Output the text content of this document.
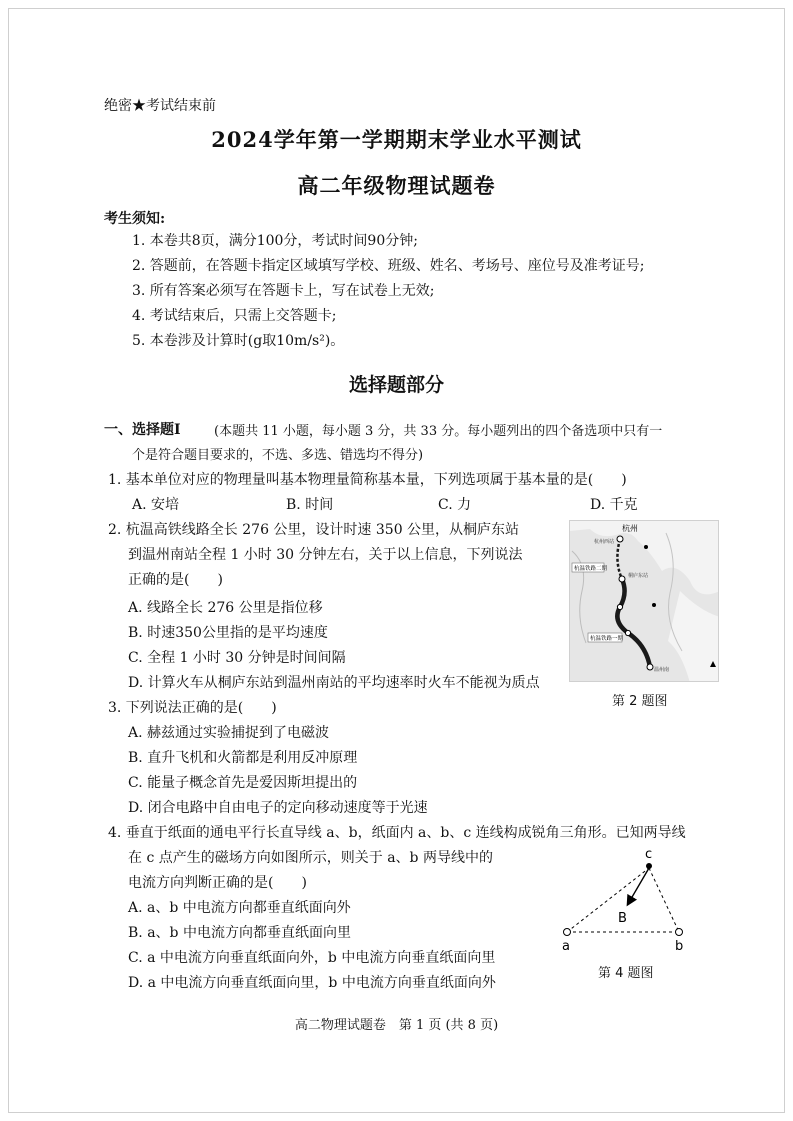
绝密★考试结束前
2024学年第一学期期末学业水平测试
高二年级物理试题卷
考生须知:
1. 本卷共8页，满分100分，考试时间90分钟;
2. 答题前，在答题卡指定区域填写学校、班级、姓名、考场号、座位号及准考证号;
3. 所有答案必须写在答题卡上，写在试卷上无效;
4. 考试结束后，只需上交答题卡;
5. 本卷涉及计算时(g取10m/s²)。
选择题部分
一、选择题Ⅰ	(本题共 11 小题，每小题 3 分，共 33 分。每小题列出的四个备选项中只有一
个是符合题目要求的，不选、多选、错选均不得分)
1. 基本单位对应的物理量叫基本物理量简称基本量，下列选项属于基本量的是(　　)
A. 安培	B. 时间	C. 力	D. 千克
2. 杭温高铁线路全长 276 公里，设计时速 350 公里，从桐庐东站
到温州南站全程 1 小时 30 分钟左右，关于以上信息，下列说法
正确的是(　　)
A. 线路全长 276 公里是指位移
B. 时速350公里指的是平均速度
C. 全程 1 小时 30 分钟是时间间隔
D. 计算火车从桐庐东站到温州南站的平均速率时火车不能视为质点
杭州
杭州西站
杭温铁路二期
桐庐东站
杭温铁路一期
温州南
第 2 题图
3. 下列说法正确的是(　　)
A. 赫兹通过实验捕捉到了电磁波
B. 直升飞机和火箭都是利用反冲原理
C. 能量子概念首先是爱因斯坦提出的
D. 闭合电路中自由电子的定向移动速度等于光速
4. 垂直于纸面的通电平行长直导线 a、b，纸面内 a、b、c 连线构成锐角三角形。已知两导线
在 c 点产生的磁场方向如图所示，则关于 a、b 两导线中的
电流方向判断正确的是(　　)
A. a、b 中电流方向都垂直纸面向外
B. a、b 中电流方向都垂直纸面向里
C. a 中电流方向垂直纸面向外，b 中电流方向垂直纸面向里
D. a 中电流方向垂直纸面向里，b 中电流方向垂直纸面向外
c
B
a	b
第 4 题图
高二物理试题卷　第 1 页 (共 8 页)
